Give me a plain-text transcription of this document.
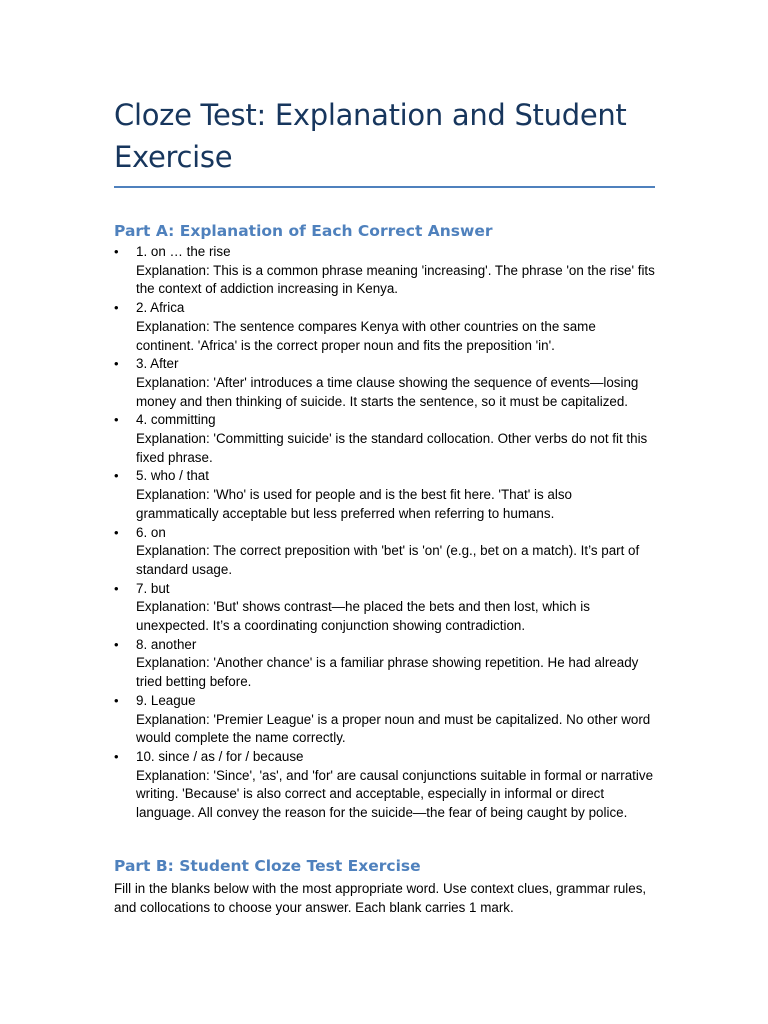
Cloze Test: Explanation and Student Exercise
Part A: Explanation of Each Correct Answer
• 1. on … the rise
Explanation: This is a common phrase meaning 'increasing'. The phrase 'on the rise' fits the context of addiction increasing in Kenya.
• 2. Africa
Explanation: The sentence compares Kenya with other countries on the same continent. 'Africa' is the correct proper noun and fits the preposition 'in'.
• 3. After
Explanation: 'After' introduces a time clause showing the sequence of events—losing money and then thinking of suicide. It starts the sentence, so it must be capitalized.
• 4. committing
Explanation: 'Committing suicide' is the standard collocation. Other verbs do not fit this fixed phrase.
• 5. who / that
Explanation: 'Who' is used for people and is the best fit here. 'That' is also grammatically acceptable but less preferred when referring to humans.
• 6. on
Explanation: The correct preposition with 'bet' is 'on' (e.g., bet on a match). It’s part of standard usage.
• 7. but
Explanation: 'But' shows contrast—he placed the bets and then lost, which is unexpected. It’s a coordinating conjunction showing contradiction.
• 8. another
Explanation: 'Another chance' is a familiar phrase showing repetition. He had already tried betting before.
• 9. League
Explanation: 'Premier League' is a proper noun and must be capitalized. No other word would complete the name correctly.
• 10. since / as / for / because
Explanation: 'Since', 'as', and 'for' are causal conjunctions suitable in formal or narrative writing. 'Because' is also correct and acceptable, especially in informal or direct language. All convey the reason for the suicide—the fear of being caught by police.
Part B: Student Cloze Test Exercise

Fill in the blanks below with the most appropriate word. Use context clues, grammar rules, and collocations to choose your answer. Each blank carries 1 mark.
